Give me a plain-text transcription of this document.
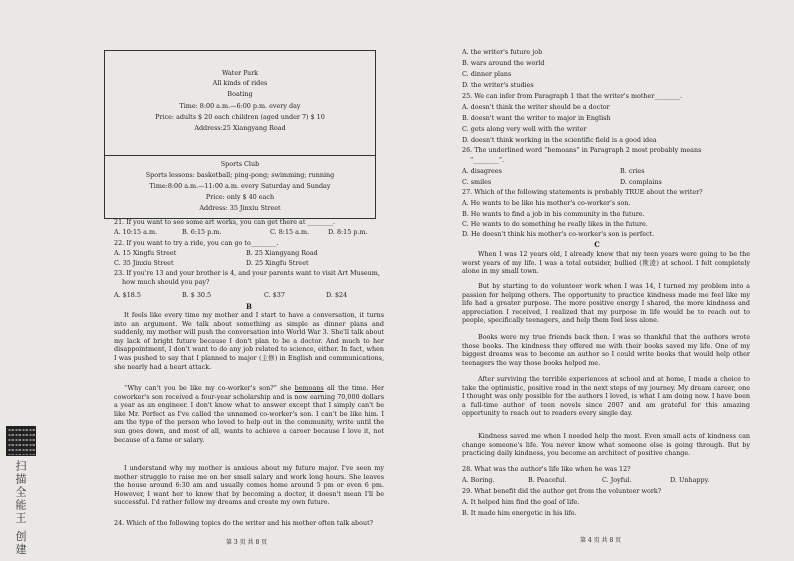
Water Park
All kinds of rides
Boating
Time: 8:00 a.m.—6:00 p.m. every day
Price: adults $ 20 each children (aged under 7) $ 10
Address:25 Xiangyang Road
Sports Club
Sports lessons: basketball; ping-pong; swimming; running
Time:8:00 a.m.—11:00 a.m. every Saturday and Sunday
Price: only $ 40 each
Address: 35 Jinxiu Street
21. If you want to see some art works, you can get there at ________.
A. 10:15 a.m.	B. 6:15 p.m.	C. 8:15 a.m.	D. 8:15 p.m.
22. If you want to try a ride, you can go to________.
A. 15 Xingfu Street	B. 25 Xiangyang Road
C. 35 Jinxiu Street	D. 25 Xingfu Street
23. If you're 13 and your brother is 4, and your parents want to visit Art Museum,
how much should you pay?
A. $18.5	B. $ 30.5	C. $37	D. $24
B
It feels like every time my mother and I start to have a conversation, it turns into an argument. We talk about something as simple as dinner plans and suddenly, my mother will push the conversation into World War 3. She'll talk about my lack of bright future because I don't plan to be a doctor. And much to her disappointment, I don't want to do any job related to science, either. In fact, when I was pushed to say that I planned to major (主修) in English and communications, she nearly had a heart attack.
“Why can't you be like my co-worker's son?” she bemoans all the time. Her coworker's son received a four-year scholarship and is now earning 70,000 dollars a year as an engineer. I don't know what to answer except that I simply can't be like Mr. Perfect as I've called the unnamed co-worker's son. I can't be like him. I am the type of the person who loved to help out in the community, write until the sun goes down, and most of all, wants to achieve a career because I love it, not because of a fame or salary.
I understand why my mother is anxious about my future major. I've seen my mother struggle to raise me on her small salary and work long hours. She leaves the house around 6:30 am and usually comes home around 5 pm or even 6 pm. However, I want her to know that by becoming a doctor, it doesn't mean I'll be successful. I'd rather follow my dreams and create my own future.
24. Which of the following topics do the writer and his mother often talk about?
第 3 页 共 8 页
A. the writer's future job
B. wars around the world
C. dinner plans
D. the writer's studies
25. We can infer from Paragraph 1 that the writer's mother________.
A. doesn't think the writer should be a doctor
B. doesn't want the writer to major in English
C. gets along very well with the writer
D. doesn't think working in the scientific field is a good idea
26. The underlined word “bemoans” in Paragraph 2 most probably means
“________”.
A. disagrees	B. cries
C. smiles	D. complains
27. Which of the following statements is probably TRUE about the writer?
A. He wants to be like his mother's co-worker's son.
B. He wants to find a job in his community in the future.
C. He wants to do something he really likes in the future.
D. He doesn't think his mother's co-worker's son is perfect.
C
When I was 12 years old, I already knew that my teen years were going to be the worst years of my life. I was a total outsider, bullied (欺凌) at school. I felt completely alone in my small town.
But by starting to do volunteer work when I was 14, I turned my problem into a passion for helping others. The opportunity to practice kindness made me feel like my life had a greater purpose. The more positive energy I shared, the more kindness and appreciation I received, I realized that my purpose in life would be to reach out to people, specifically teenagers, and help them feel less alone.
Books were my true friends back then. I was so thankful that the authors wrote those books. The kindness they offered me with their books saved my life. One of my biggest dreams was to become an author so I could write books that would help other teenagers the way those books helped me.
After surviving the terrible experiences at school and at home, I made a choice to take the optimistic, positive road in the next steps of my journey. My dream career, one I thought was only possible for the authors I loved, is what I am doing now. I have been a full-time author of teen novels since 2007 and am grateful for this amazing opportunity to reach out to readers every single day.
Kindness saved me when I needed help the most. Even small acts of kindness can change someone's life. You never know what someone else is going through. But by practicing daily kindness, you become an architect of positive change.
28. What was the author's life like when he was 12?
A. Boring.	B. Peaceful.	C. Joyful.	D. Unhappy.
29. What benefit did the author get from the volunteer work?
A. It helped him find the goal of life.
B. It made him energetic in his life.
第 4 页 共 8 页
扫描全能王 创建
